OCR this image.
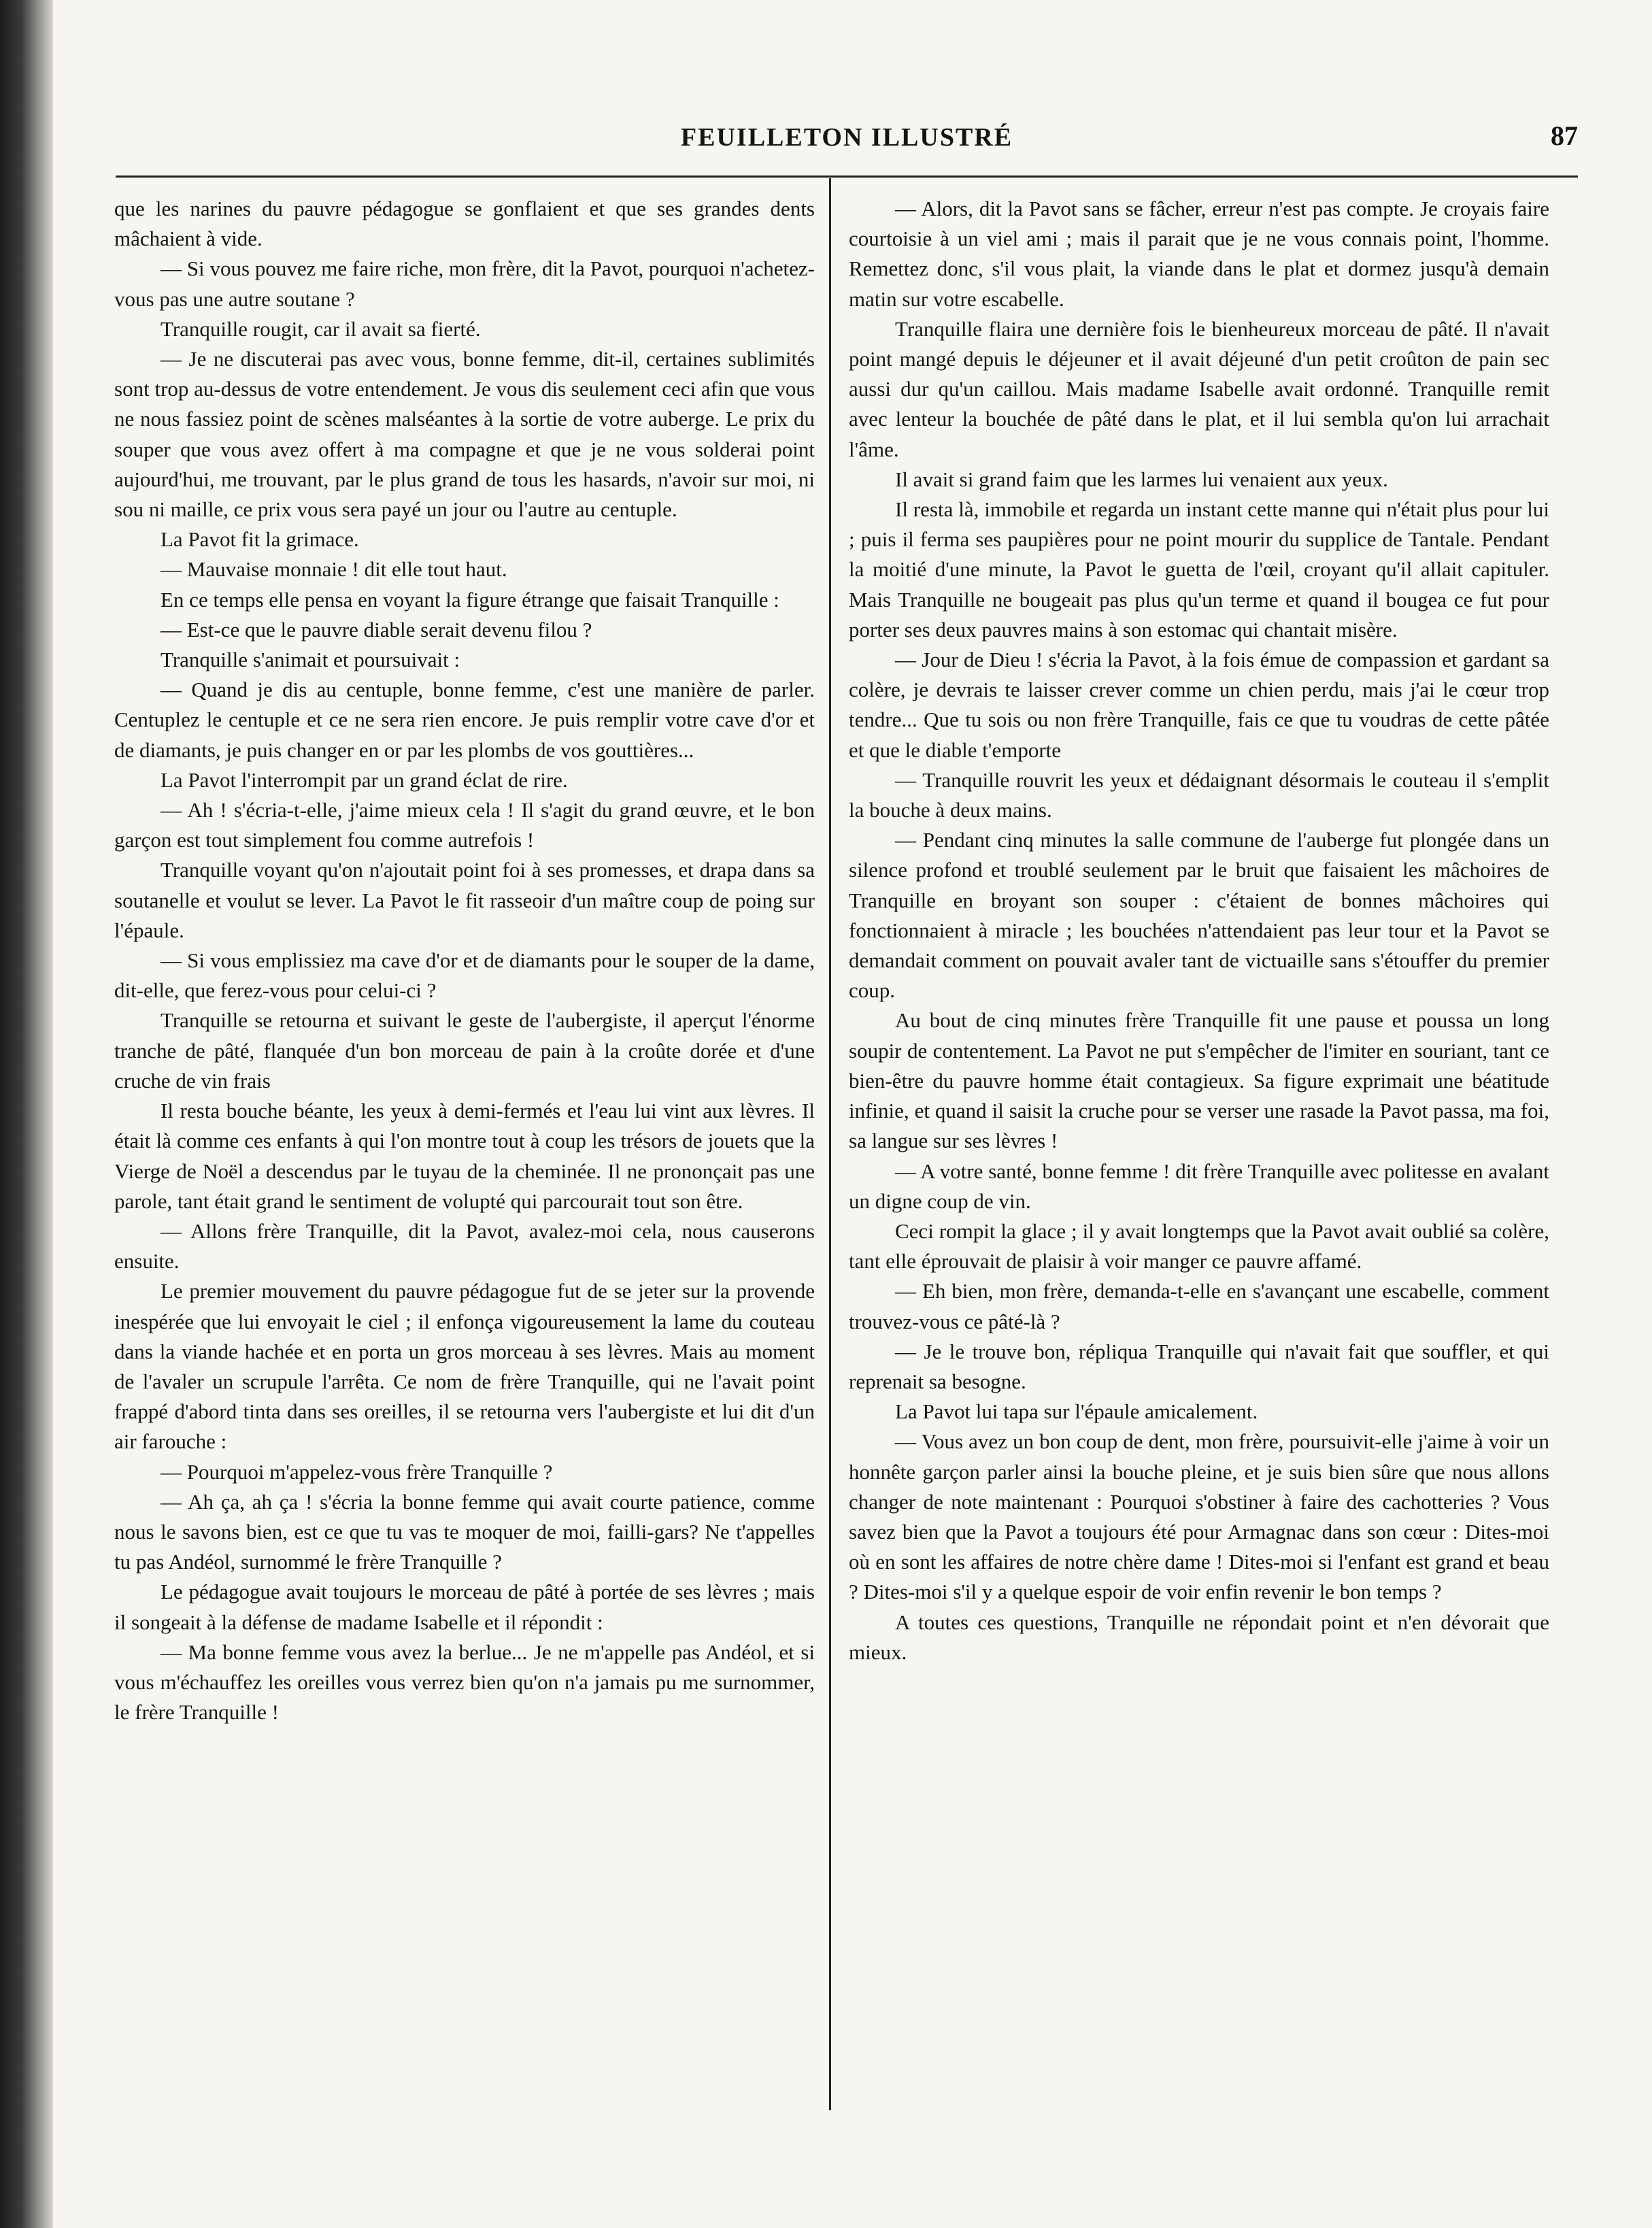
FEUILLETON ILLUSTRÉ	87

que les narines du pauvre pédagogue se gonflaient et que ses grandes dents mâchaient à vide.

— Si vous pouvez me faire riche, mon frère, dit la Pavot, pourquoi n'achetez-vous pas une autre soutane ?

Tranquille rougit, car il avait sa fierté.

— Je ne discuterai pas avec vous, bonne femme, dit-il, certaines sublimités sont trop au-dessus de votre entendement. Je vous dis seulement ceci afin que vous ne nous fassiez point de scènes malséantes à la sortie de votre auberge. Le prix du souper que vous avez offert à ma compagne et que je ne vous solderai point aujourd'hui, me trouvant, par le plus grand de tous les hasards, n'avoir sur moi, ni sou ni maille, ce prix vous sera payé un jour ou l'autre au centuple.

La Pavot fit la grimace.

— Mauvaise monnaie ! dit elle tout haut.

En ce temps elle pensa en voyant la figure étrange que faisait Tranquille :

— Est-ce que le pauvre diable serait devenu filou ?

Tranquille s'animait et poursuivait :

— Quand je dis au centuple, bonne femme, c'est une manière de parler. Centuplez le centuple et ce ne sera rien encore. Je puis remplir votre cave d'or et de diamants, je puis changer en or par les plombs de vos gouttières...

La Pavot l'interrompit par un grand éclat de rire.

— Ah ! s'écria-t-elle, j'aime mieux cela ! Il s'agit du grand œuvre, et le bon garçon est tout simplement fou comme autrefois !

Tranquille voyant qu'on n'ajoutait point foi à ses promesses, et drapa dans sa soutanelle et voulut se lever. La Pavot le fit rasseoir d'un maître coup de poing sur l'épaule.

— Si vous emplissiez ma cave d'or et de diamants pour le souper de la dame, dit-elle, que ferez-vous pour celui-ci ?

Tranquille se retourna et suivant le geste de l'aubergiste, il aperçut l'énorme tranche de pâté, flanquée d'un bon morceau de pain à la croûte dorée et d'une cruche de vin frais

Il resta bouche béante, les yeux à demi-fermés et l'eau lui vint aux lèvres. Il était là comme ces enfants à qui l'on montre tout à coup les trésors de jouets que la Vierge de Noël a descendus par le tuyau de la cheminée. Il ne prononçait pas une parole, tant était grand le sentiment de volupté qui parcourait tout son être.

— Allons frère Tranquille, dit la Pavot, avalez-moi cela, nous causerons ensuite.

Le premier mouvement du pauvre pédagogue fut de se jeter sur la provende inespérée que lui envoyait le ciel ; il enfonça vigoureusement la lame du couteau dans la viande hachée et en porta un gros morceau à ses lèvres. Mais au moment de l'avaler un scrupule l'arrêta. Ce nom de frère Tranquille, qui ne l'avait point frappé d'abord tinta dans ses oreilles, il se retourna vers l'aubergiste et lui dit d'un air farouche :

— Pourquoi m'appelez-vous frère Tranquille ?

— Ah ça, ah ça ! s'écria la bonne femme qui avait courte patience, comme nous le savons bien, est ce que tu vas te moquer de moi, failli-gars? Ne t'appelles tu pas Andéol, surnommé le frère Tranquille ?

Le pédagogue avait toujours le morceau de pâté à portée de ses lèvres ; mais il songeait à la défense de madame Isabelle et il répondit :

— Ma bonne femme vous avez la berlue... Je ne m'appelle pas Andéol, et si vous m'échauffez les oreilles vous verrez bien qu'on n'a jamais pu me surnommer, le frère Tranquille !

— Alors, dit la Pavot sans se fâcher, erreur n'est pas compte. Je croyais faire courtoisie à un viel ami ; mais il parait que je ne vous connais point, l'homme. Remettez donc, s'il vous plait, la viande dans le plat et dormez jusqu'à demain matin sur votre escabelle.

Tranquille flaira une dernière fois le bienheureux morceau de pâté. Il n'avait point mangé depuis le déjeuner et il avait déjeuné d'un petit croûton de pain sec aussi dur qu'un caillou. Mais madame Isabelle avait ordonné. Tranquille remit avec lenteur la bouchée de pâté dans le plat, et il lui sembla qu'on lui arrachait l'âme.

Il avait si grand faim que les larmes lui venaient aux yeux.

Il resta là, immobile et regarda un instant cette manne qui n'était plus pour lui ; puis il ferma ses paupières pour ne point mourir du supplice de Tantale. Pendant la moitié d'une minute, la Pavot le guetta de l'œil, croyant qu'il allait capituler. Mais Tranquille ne bougeait pas plus qu'un terme et quand il bougea ce fut pour porter ses deux pauvres mains à son estomac qui chantait misère.

— Jour de Dieu ! s'écria la Pavot, à la fois émue de compassion et gardant sa colère, je devrais te laisser crever comme un chien perdu, mais j'ai le cœur trop tendre... Que tu sois ou non frère Tranquille, fais ce que tu voudras de cette pâtée et que le diable t'emporte

— Tranquille rouvrit les yeux et dédaignant désormais le couteau il s'emplit la bouche à deux mains.

— Pendant cinq minutes la salle commune de l'auberge fut plongée dans un silence profond et troublé seulement par le bruit que faisaient les mâchoires de Tranquille en broyant son souper : c'étaient de bonnes mâchoires qui fonctionnaient à miracle ; les bouchées n'attendaient pas leur tour et la Pavot se demandait comment on pouvait avaler tant de victuaille sans s'étouffer du premier coup.

Au bout de cinq minutes frère Tranquille fit une pause et poussa un long soupir de contentement. La Pavot ne put s'empêcher de l'imiter en souriant, tant ce bien-être du pauvre homme était contagieux. Sa figure exprimait une béatitude infinie, et quand il saisit la cruche pour se verser une rasade la Pavot passa, ma foi, sa langue sur ses lèvres !

— A votre santé, bonne femme ! dit frère Tranquille avec politesse en avalant un digne coup de vin.

Ceci rompit la glace ; il y avait longtemps que la Pavot avait oublié sa colère, tant elle éprouvait de plaisir à voir manger ce pauvre affamé.

— Eh bien, mon frère, demanda-t-elle en s'avançant une escabelle, comment trouvez-vous ce pâté-là ?

— Je le trouve bon, répliqua Tranquille qui n'avait fait que souffler, et qui reprenait sa besogne.

La Pavot lui tapa sur l'épaule amicalement.

— Vous avez un bon coup de dent, mon frère, poursuivit-elle j'aime à voir un honnête garçon parler ainsi la bouche pleine, et je suis bien sûre que nous allons changer de note maintenant : Pourquoi s'obstiner à faire des cachotteries ? Vous savez bien que la Pavot a toujours été pour Armagnac dans son cœur : Dites-moi où en sont les affaires de notre chère dame ! Dites-moi si l'enfant est grand et beau ? Dites-moi s'il y a quelque espoir de voir enfin revenir le bon temps ?

A toutes ces questions, Tranquille ne répondait point et n'en dévorait que mieux.
